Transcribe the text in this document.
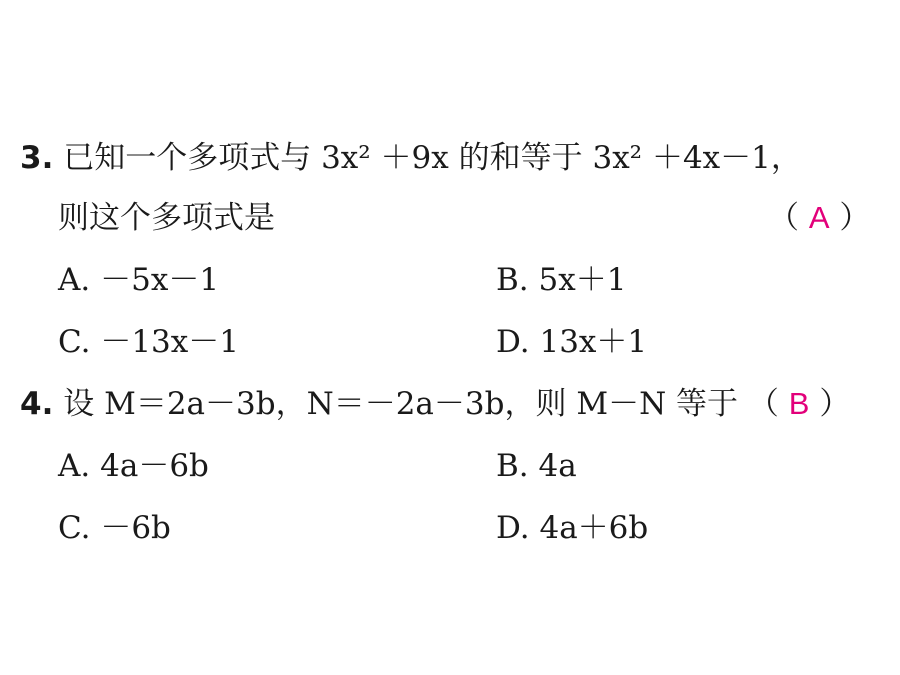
3. 已知一个多项式与 3x² ＋9x 的和等于 3x² ＋4x－1，
则这个多项式是	（ A ）
A. －5x－1	B. 5x＋1
C. －13x－1	D. 13x＋1
4. 设 M＝2a－3b，N＝－2a－3b，则 M－N 等于 （ B ）
A. 4a－6b	B. 4a
C. －6b	D. 4a＋6b
